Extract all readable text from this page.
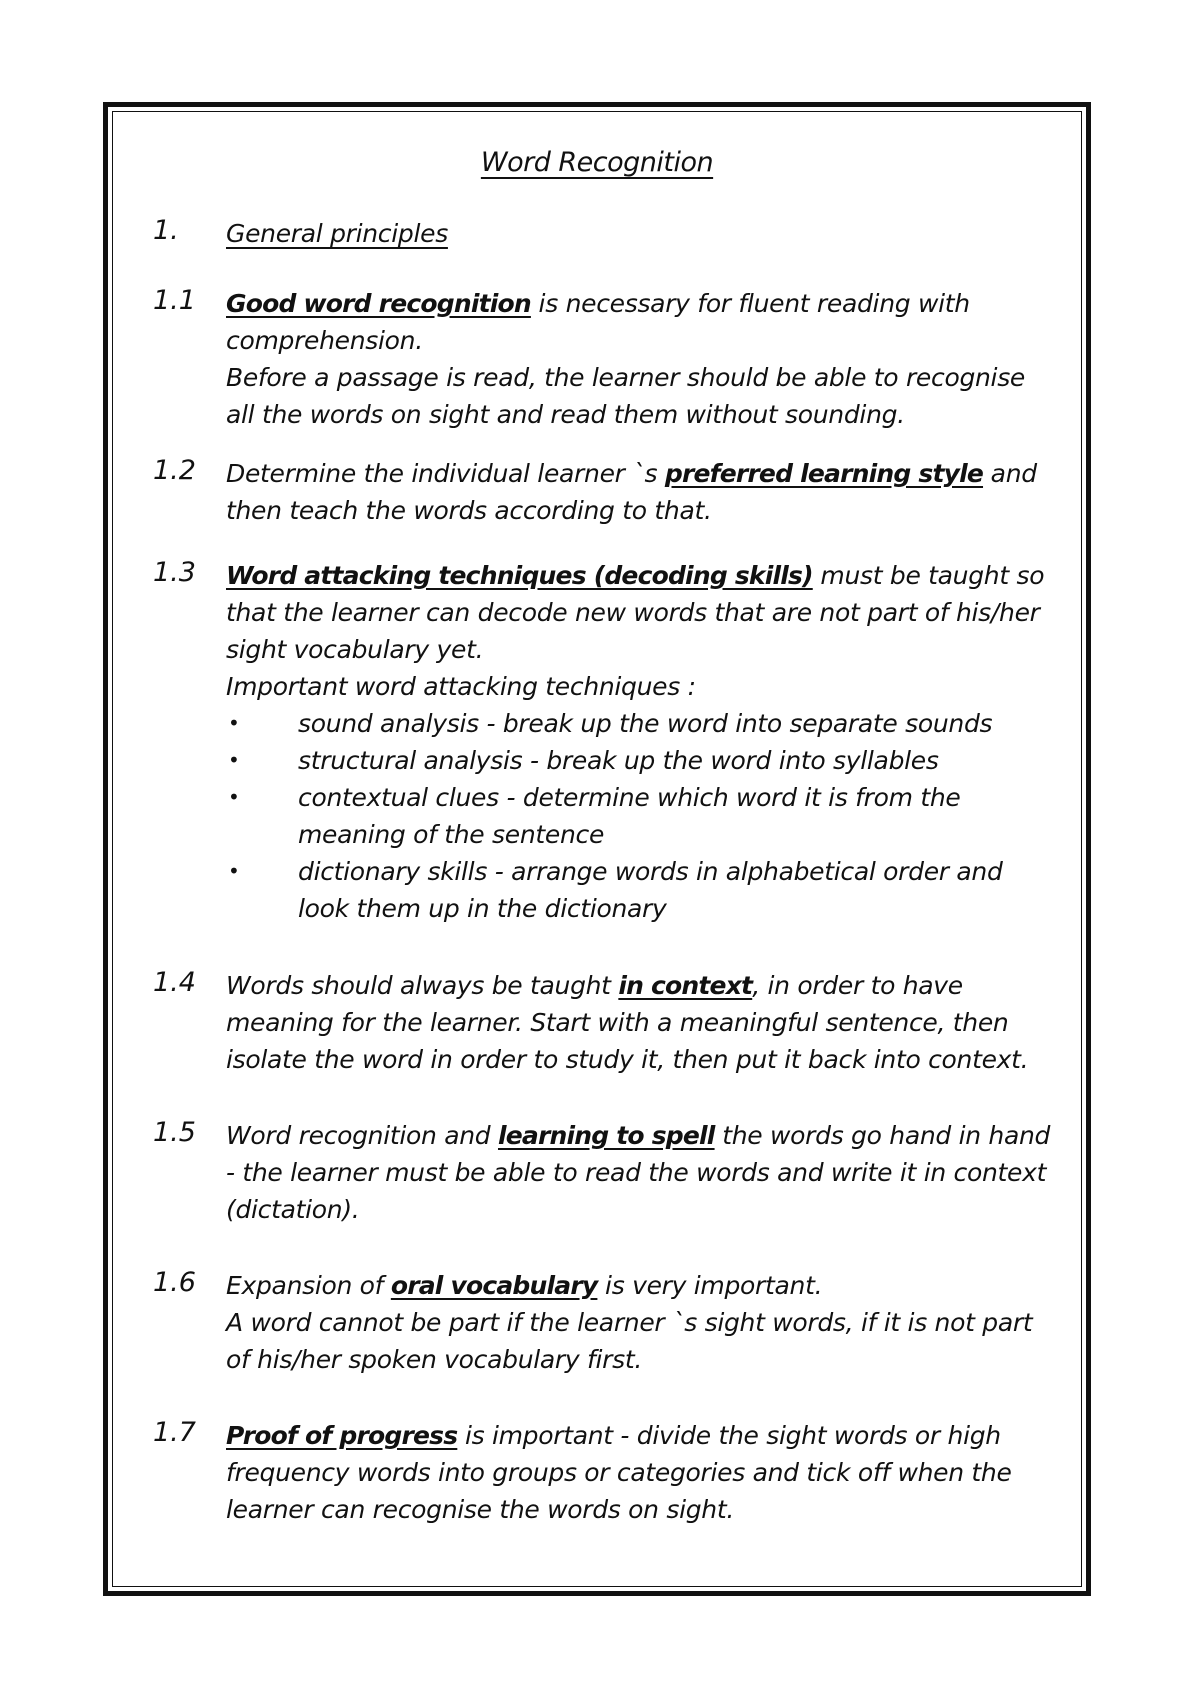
Word Recognition
1. General principles
1.1 Good word recognition is necessary for fluent reading with comprehension.

Before a passage is read, the learner should be able to recognise all the words on sight and read them without sounding.

1.2 Determine the individual learner `s preferred learning style and then teach the words according to that.

1.3 Word attacking techniques (decoding skills) must be taught so that the learner can decode new words that are not part of his/her sight vocabulary yet.

Important word attacking techniques :

• sound analysis - break up the word into separate sounds
• structural analysis - break up the word into syllables
• contextual clues - determine which word it is from the meaning of the sentence
• dictionary skills - arrange words in alphabetical order and look them up in the dictionary
1.4 Words should always be taught in context, in order to have meaning for the learner. Start with a meaningful sentence, then isolate the word in order to study it, then put it back into context.

1.5 Word recognition and learning to spell the words go hand in hand - the learner must be able to read the words and write it in context (dictation).

1.6 Expansion of oral vocabulary is very important.

A word cannot be part if the learner `s sight words, if it is not part of his/her spoken vocabulary first.

1.7 Proof of progress is important - divide the sight words or high frequency words into groups or categories and tick off when the learner can recognise the words on sight.
